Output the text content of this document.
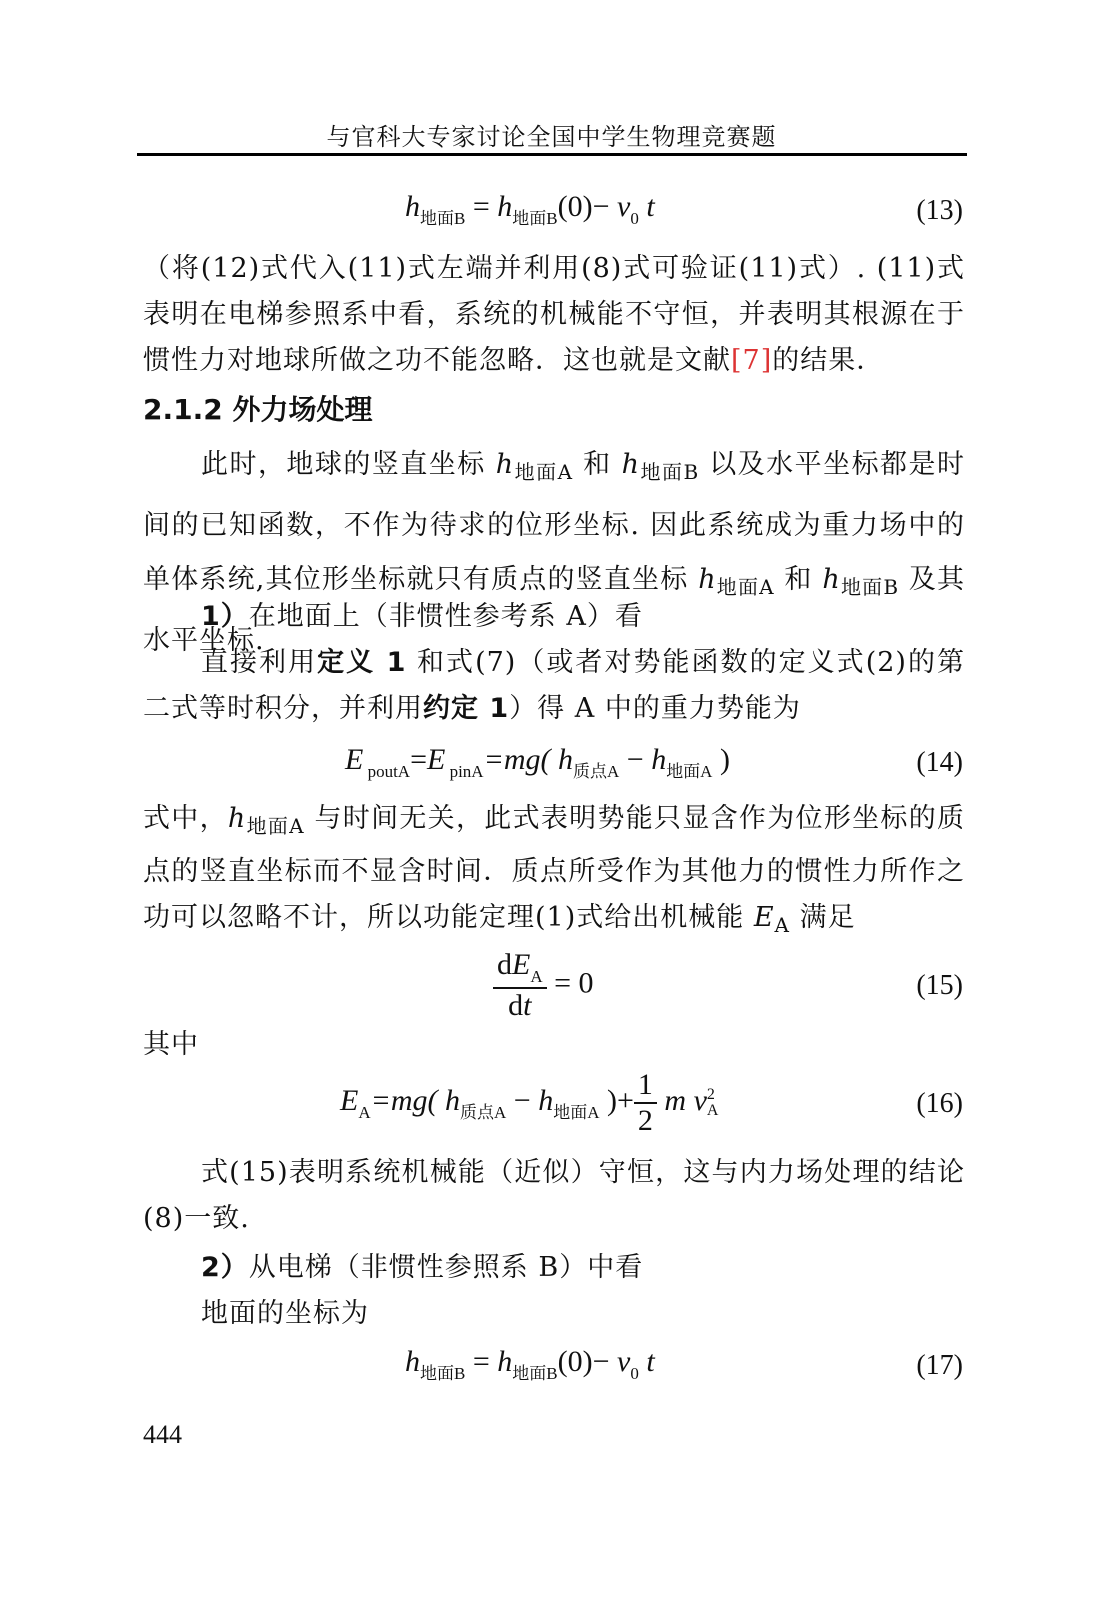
与官科大专家讨论全国中学生物理竞赛题
$h_{地面B} = h_{地面B}(0)- v_0$ t	(13)
（将(12)式代入(11)式左端并利用(8)式可验证(11)式）. (11)式表明在电梯参照系中看，系统的机械能不守恒，并表明其根源在于惯性力对地球所做之功不能忽略．这也就是文献[7]的结果．
2.1.2 外力场处理
此时，地球的竖直坐标 $h_{地面A}$ 和 $h_{地面B}$ 以及水平坐标都是时间的已知函数，不作为待求的位形坐标. 因此系统成为重力场中的单体系统,其位形坐标就只有质点的竖直坐标 $h_{地面A}$ 和 $h_{地面B}$ 及其水平坐标.
1）在地面上（非惯性参考系 A）看
直接利用定义 1 和式(7)（或者对势能函数的定义式(2)的第二式等时积分，并利用约定 1）得 A 中的重力势能为
E $_{poutA}$=E $_{pinA}$=mg( $h_{质点A} - h_{地面A}$ )	(14)
式中，$h_{地面A}$ 与时间无关，此式表明势能只显含作为位形坐标的质点的竖直坐标而不显含时间．质点所受作为其他力的惯性力所作之功可以忽略不计，所以功能定理(1)式给出机械能 $E_A$ 满足
$\frac{dE_A}{dt} = 0$	(15)
其中
$E_A=mg$( $h_{质点A} - h_{地面A}$ )+ $\frac{1}{2}$ m v 2
A	(16)
式(15)表明系统机械能（近似）守恒，这与内力场处理的结论(8)一致.
2）从电梯（非惯性参照系 B）中看
地面的坐标为
$h_{地面B} = h_{地面B}(0)- v_0$ t	(17)
444
